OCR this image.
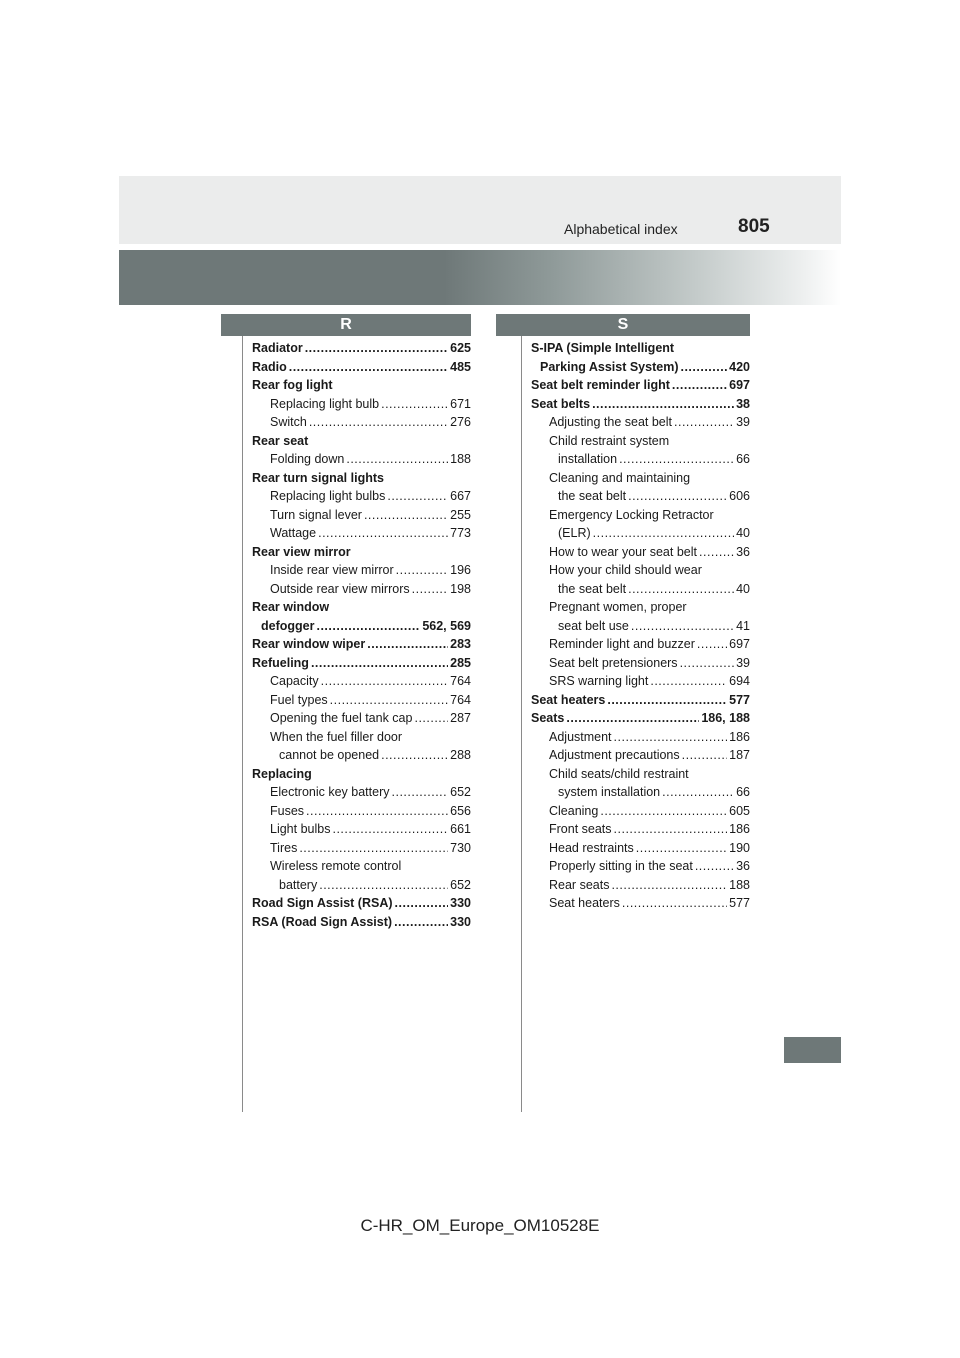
Alphabetical index	805
R	S
Radiator .....	625
Radio .....	485
Rear fog light
Replacing light bulb .....	671
Switch .....	276
Rear seat
Folding down .....	188
Rear turn signal lights
Replacing light bulbs .....	667
Turn signal lever .....	255
Wattage .....	773
Rear view mirror
Inside rear view mirror .....	196
Outside rear view mirrors .....	198
Rear window
defogger .....	562, 569
Rear window wiper .....	283
Refueling .....	285
Capacity .....	764
Fuel types .....	764
Opening the fuel tank cap .....	287
When the fuel filler door
cannot be opened .....	288
Replacing
Electronic key battery .....	652
Fuses .....	656
Light bulbs .....	661
Tires .....	730
Wireless remote control
battery .....	652
Road Sign Assist (RSA) .....	330
RSA (Road Sign Assist) .....	330
S-IPA (Simple Intelligent
Parking Assist System) .....	420
Seat belt reminder light .....	697
Seat belts .....	38
Adjusting the seat belt .....	39
Child restraint system
installation .....	66
Cleaning and maintaining
the seat belt .....	606
Emergency Locking Retractor
(ELR) .....	40
How to wear your seat belt .....	36
How your child should wear
the seat belt .....	40
Pregnant women, proper
seat belt use .....	41
Reminder light and buzzer .....	697
Seat belt pretensioners .....	39
SRS warning light .....	694
Seat heaters .....	577
Seats .....	186, 188
Adjustment .....	186
Adjustment precautions .....	187
Child seats/child restraint
system installation .....	66
Cleaning .....	605
Front seats .....	186
Head restraints .....	190
Properly sitting in the seat .....	36
Rear seats .....	188
Seat heaters .....	577
C-HR_OM_Europe_OM10528E
